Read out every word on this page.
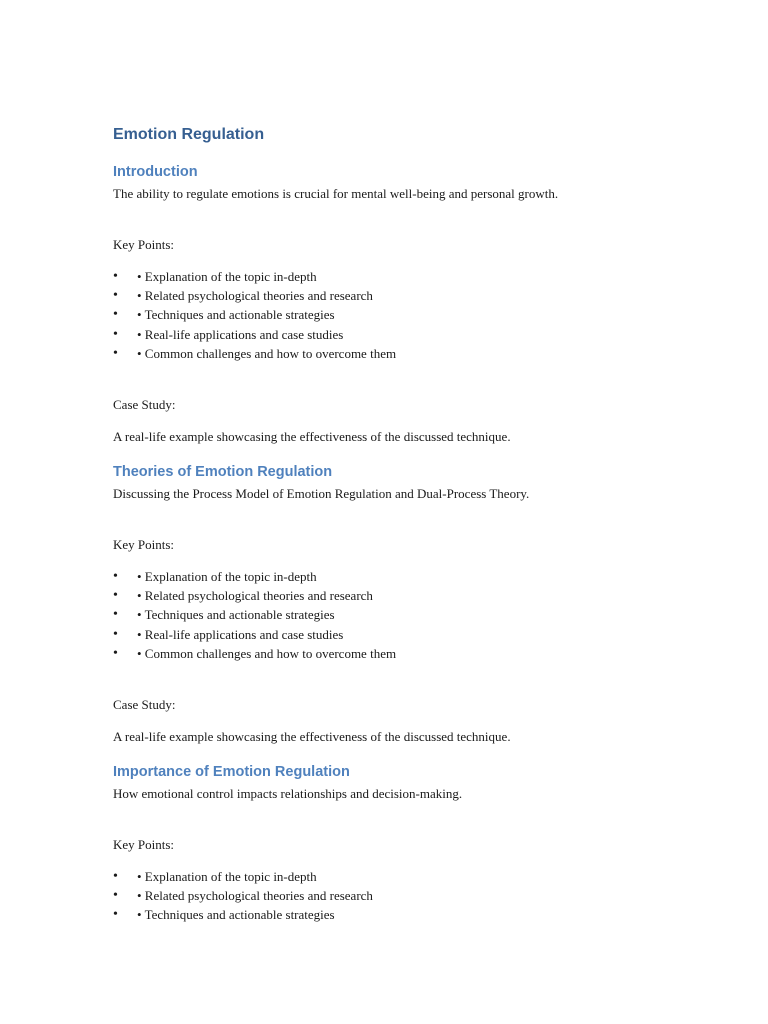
Emotion Regulation
Introduction

The ability to regulate emotions is crucial for mental well-being and personal growth.

Key Points:

• • Explanation of the topic in-depth
• • Related psychological theories and research
• • Techniques and actionable strategies
• • Real-life applications and case studies
• • Common challenges and how to overcome them

Case Study:

A real-life example showcasing the effectiveness of the discussed technique.

Theories of Emotion Regulation

Discussing the Process Model of Emotion Regulation and Dual-Process Theory.

Key Points:

• • Explanation of the topic in-depth
• • Related psychological theories and research
• • Techniques and actionable strategies
• • Real-life applications and case studies
• • Common challenges and how to overcome them

Case Study:

A real-life example showcasing the effectiveness of the discussed technique.

Importance of Emotion Regulation

How emotional control impacts relationships and decision-making.

Key Points:

• • Explanation of the topic in-depth
• • Related psychological theories and research
• • Techniques and actionable strategies
